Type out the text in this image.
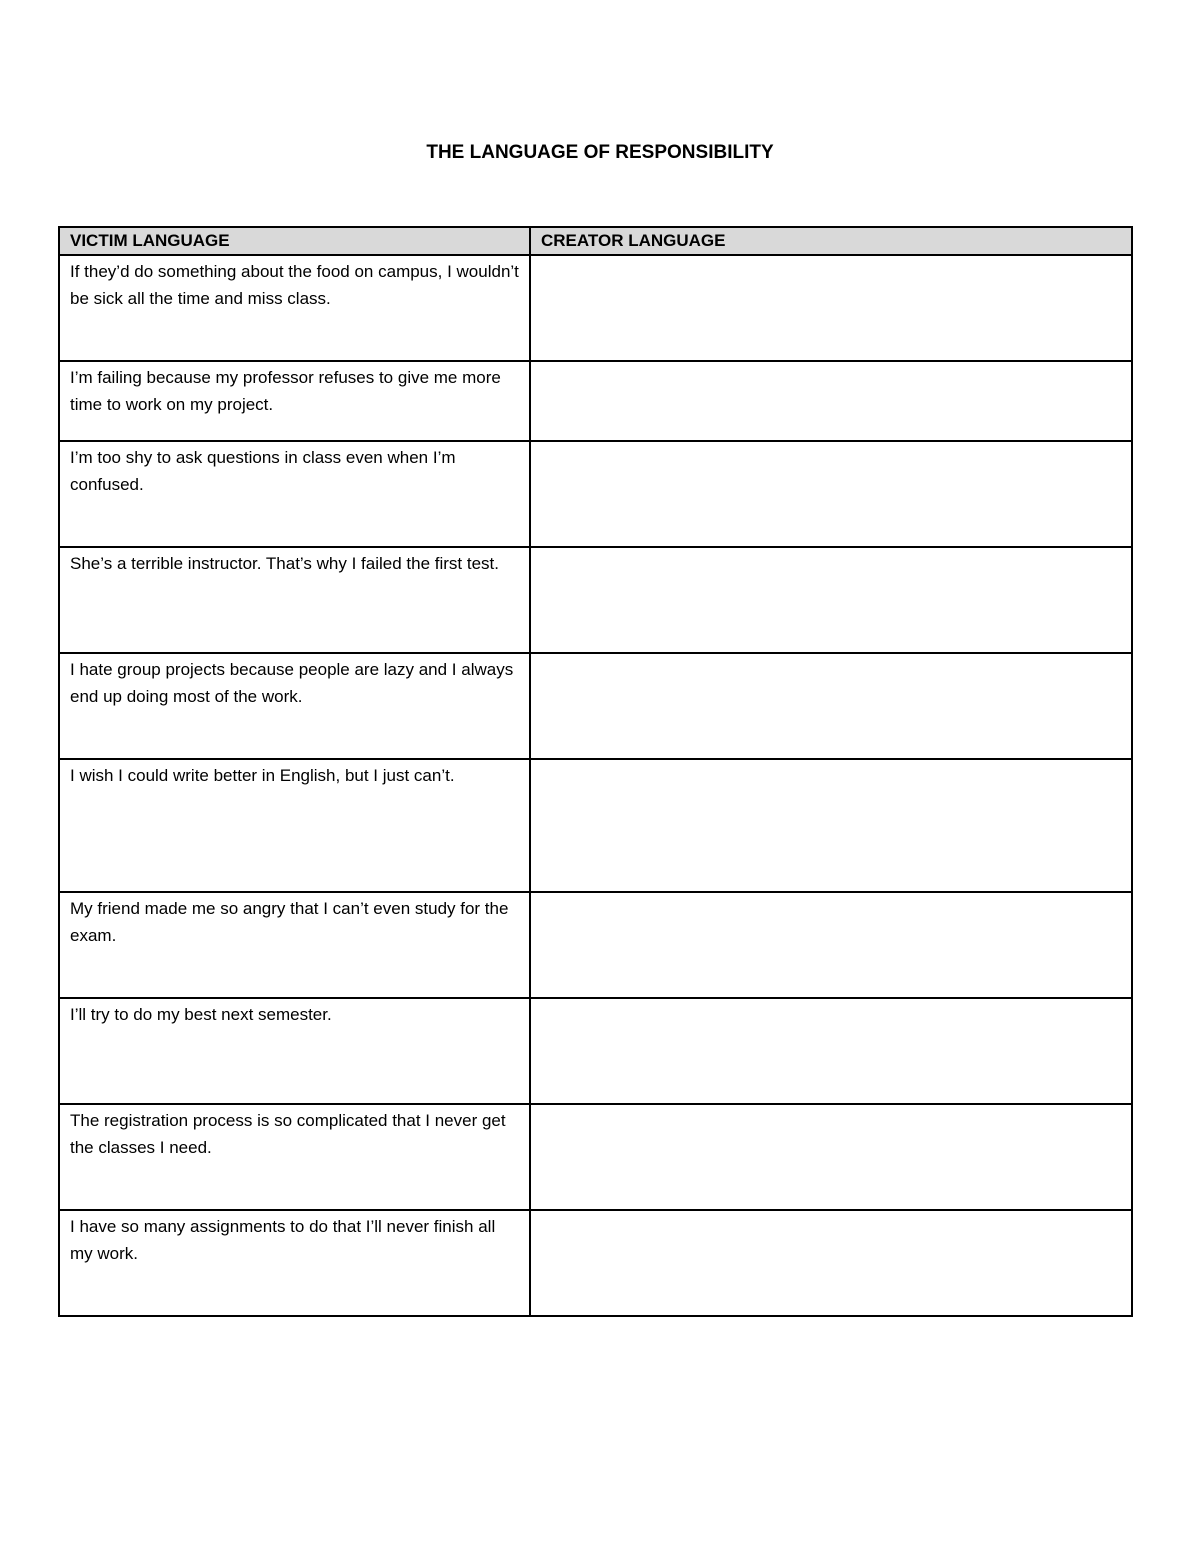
THE LANGUAGE OF RESPONSIBILITY
VICTIM LANGUAGE	CREATOR LANGUAGE
If they’d do something about the food on campus, I wouldn’t be sick all the time and miss class.	
I’m failing because my professor refuses to give me more time to work on my project.	
I’m too shy to ask questions in class even when I’m confused.	
She’s a terrible instructor. That’s why I failed the first test.	
I hate group projects because people are lazy and I always end up doing most of the work.	
I wish I could write better in English, but I just can’t.	
My friend made me so angry that I can’t even study for the exam.	
I’ll try to do my best next semester.	
The registration process is so complicated that I never get the classes I need.	
I have so many assignments to do that I’ll never finish all my work.	
